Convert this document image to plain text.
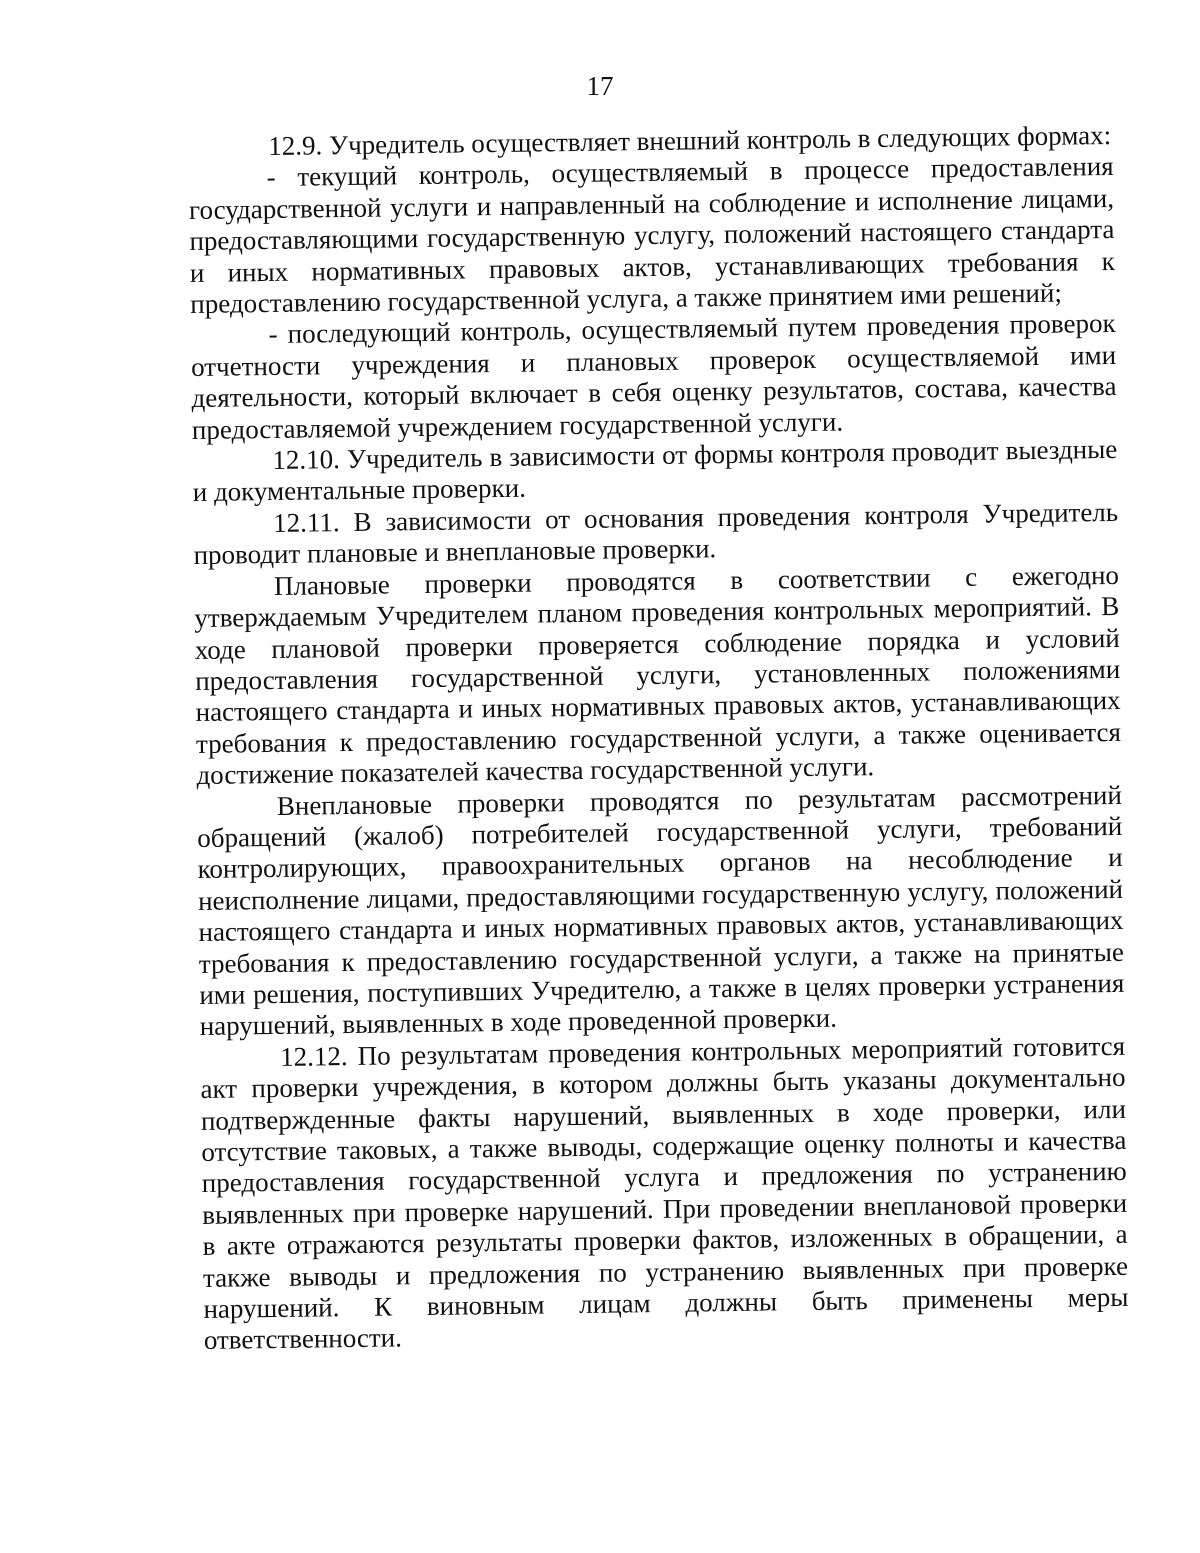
17

12.9. Учредитель осуществляет внешний контроль в следующих формах:

- текущий контроль, осуществляемый в процессе предоставления государственной услуги и направленный на соблюдение и исполнение лицами, предоставляющими государственную услугу, положений настоящего стандарта и иных нормативных правовых актов, устанавливающих требования к предоставлению государственной услуга, а также принятием ими решений;

- последующий контроль, осуществляемый путем проведения проверок отчетности учреждения и плановых проверок осуществляемой ими деятельности, который включает в себя оценку результатов, состава, качества предоставляемой учреждением государственной услуги.

12.10. Учредитель в зависимости от формы контроля проводит выездные и документальные проверки.

12.11. В зависимости от основания проведения контроля Учредитель проводит плановые и внеплановые проверки.

Плановые проверки проводятся в соответствии с ежегодно утверждаемым Учредителем планом проведения контрольных мероприятий. В ходе плановой проверки проверяется соблюдение порядка и условий предоставления государственной услуги, установленных положениями настоящего стандарта и иных нормативных правовых актов, устанавливающих требования к предоставлению государственной услуги, а также оценивается достижение показателей качества государственной услуги.

Внеплановые проверки проводятся по результатам рассмотрений обращений (жалоб) потребителей государственной услуги, требований контролирующих, правоохранительных органов на несоблюдение и неисполнение лицами, предоставляющими государственную услугу, положений настоящего стандарта и иных нормативных правовых актов, устанавливающих требования к предоставлению государственной услуги, а также на принятые ими решения, поступивших Учредителю, а также в целях проверки устранения нарушений, выявленных в ходе проведенной проверки.

12.12. По результатам проведения контрольных мероприятий готовится акт проверки учреждения, в котором должны быть указаны документально подтвержденные факты нарушений, выявленных в ходе проверки, или отсутствие таковых, а также выводы, содержащие оценку полноты и качества предоставления государственной услуга и предложения по устранению выявленных при проверке нарушений. При проведении внеплановой проверки в акте отражаются результаты проверки фактов, изложенных в обращении, а также выводы и предложения по устранению выявленных при проверке нарушений. К виновным лицам должны быть применены меры ответственности.
